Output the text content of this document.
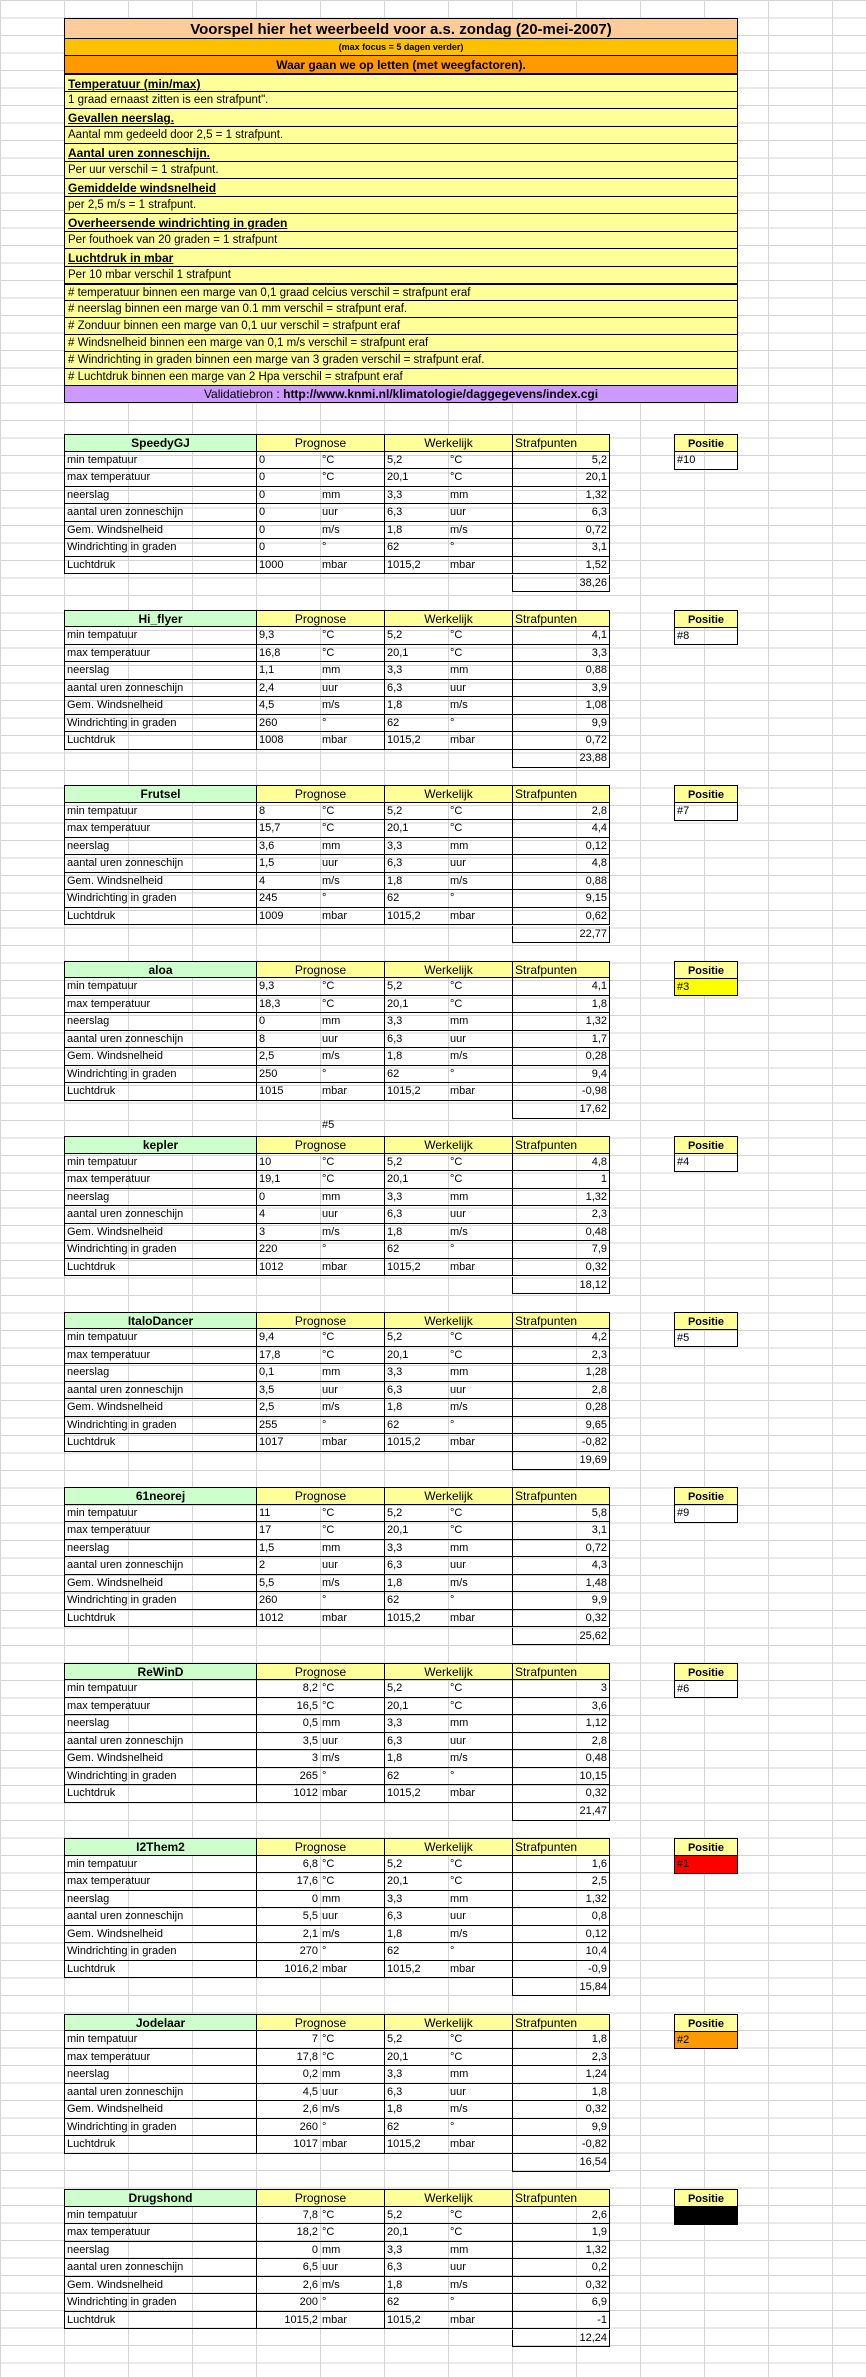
Voorspel hier het weerbeeld voor a.s. zondag (20-mei-2007)
(max focus = 5 dagen verder)
Waar gaan we op letten (met weegfactoren).
Temperatuur (min/max)
1 graad ernaast zitten is een strafpunt".
Gevallen neerslag.
Aantal mm gedeeld door 2,5 = 1 strafpunt.
Aantal uren zonneschijn.
Per uur verschil = 1 strafpunt.
Gemiddelde windsnelheid
per 2,5 m/s = 1 strafpunt.
Overheersende windrichting in graden
Per fouthoek van 20 graden = 1 strafpunt
Luchtdruk in mbar
Per 10 mbar verschil 1 strafpunt
# temperatuur binnen een marge van 0,1 graad celcius verschil = strafpunt eraf
# neerslag binnen een marge van 0.1 mm verschil = strafpunt eraf.
# Zonduur binnen een marge van 0,1 uur verschil = strafpunt eraf
# Windsnelheid binnen een marge van 0,1 m/s verschil = strafpunt eraf
# Windrichting in graden binnen een marge van 3 graden verschil = strafpunt eraf.
# Luchtdruk binnen een marge van 2 Hpa verschil = strafpunt eraf
Validatiebron : http://www.knmi.nl/klimatologie/daggegevens/index.cgi
SpeedyGJ	Prognose	Werkelijk	Strafpunten
min tempatuur	0	°C	5,2	°C	5,2
max temperatuur	0	°C	20,1	°C	20,1
neerslag	0	mm	3,3	mm	1,32
aantal uren zonneschijn	0	uur	6,3	uur	6,3
Gem. Windsnelheid	0	m/s	1,8	m/s	0,72
Windrichting in graden	0	°	62	°	3,1
Luchtdruk	1000	mbar	1015,2	mbar	1,52
38,26
Positie
#10
Hi_flyer	Prognose	Werkelijk	Strafpunten
min tempatuur	9,3	°C	5,2	°C	4,1
max temperatuur	16,8	°C	20,1	°C	3,3
neerslag	1,1	mm	3,3	mm	0,88
aantal uren zonneschijn	2,4	uur	6,3	uur	3,9
Gem. Windsnelheid	4,5	m/s	1,8	m/s	1,08
Windrichting in graden	260	°	62	°	9,9
Luchtdruk	1008	mbar	1015,2	mbar	0,72
23,88
Positie
#8
Frutsel	Prognose	Werkelijk	Strafpunten
min tempatuur	8	°C	5,2	°C	2,8
max temperatuur	15,7	°C	20,1	°C	4,4
neerslag	3,6	mm	3,3	mm	0,12
aantal uren zonneschijn	1,5	uur	6,3	uur	4,8
Gem. Windsnelheid	4	m/s	1,8	m/s	0,88
Windrichting in graden	245	°	62	°	9,15
Luchtdruk	1009	mbar	1015,2	mbar	0,62
22,77
Positie
#7
aloa	Prognose	Werkelijk	Strafpunten
min tempatuur	9,3	°C	5,2	°C	4,1
max temperatuur	18,3	°C	20,1	°C	1,8
neerslag	0	mm	3,3	mm	1,32
aantal uren zonneschijn	8	uur	6,3	uur	1,7
Gem. Windsnelheid	2,5	m/s	1,8	m/s	0,28
Windrichting in graden	250	°	62	°	9,4
Luchtdruk	1015	mbar	1015,2	mbar	-0,98
17,62
Positie
#3
kepler	Prognose	Werkelijk	Strafpunten
min tempatuur	10	°C	5,2	°C	4,8
max temperatuur	19,1	°C	20,1	°C	1
neerslag	0	mm	3,3	mm	1,32
aantal uren zonneschijn	4	uur	6,3	uur	2,3
Gem. Windsnelheid	3	m/s	1,8	m/s	0,48
Windrichting in graden	220	°	62	°	7,9
Luchtdruk	1012	mbar	1015,2	mbar	0,32
18,12
Positie
#4
#5
ItaloDancer	Prognose	Werkelijk	Strafpunten
min tempatuur	9,4	°C	5,2	°C	4,2
max temperatuur	17,8	°C	20,1	°C	2,3
neerslag	0,1	mm	3,3	mm	1,28
aantal uren zonneschijn	3,5	uur	6,3	uur	2,8
Gem. Windsnelheid	2,5	m/s	1,8	m/s	0,28
Windrichting in graden	255	°	62	°	9,65
Luchtdruk	1017	mbar	1015,2	mbar	-0,82
19,69
Positie
#5
61neorej	Prognose	Werkelijk	Strafpunten
min tempatuur	11	°C	5,2	°C	5,8
max temperatuur	17	°C	20,1	°C	3,1
neerslag	1,5	mm	3,3	mm	0,72
aantal uren zonneschijn	2	uur	6,3	uur	4,3
Gem. Windsnelheid	5,5	m/s	1,8	m/s	1,48
Windrichting in graden	260	°	62	°	9,9
Luchtdruk	1012	mbar	1015,2	mbar	0,32
25,62
Positie
#9
ReWinD	Prognose	Werkelijk	Strafpunten
min tempatuur	8,2 °C	5,2	°C	3
max temperatuur	16,5 °C	20,1	°C	3,6
neerslag	0,5 mm	3,3	mm	1,12
aantal uren zonneschijn	3,5 uur	6,3	uur	2,8
Gem. Windsnelheid	3 m/s	1,8	m/s	0,48
Windrichting in graden	265 °	62	°	10,15
Luchtdruk	1012 mbar	1015,2	mbar	0,32
21,47
Positie
#6
I2Them2	Prognose	Werkelijk	Strafpunten
min tempatuur	6,8 °C	5,2	°C	1,6
max temperatuur	17,6 °C	20,1	°C	2,5
neerslag	0 mm	3,3	mm	1,32
aantal uren zonneschijn	5,5 uur	6,3	uur	0,8
Gem. Windsnelheid	2,1 m/s	1,8	m/s	0,12
Windrichting in graden	270 °	62	°	10,4
Luchtdruk	1016,2 mbar	1015,2	mbar	-0,9
15,84
Positie
#1
Jodelaar	Prognose	Werkelijk	Strafpunten
min tempatuur	7 °C	5,2	°C	1,8
max temperatuur	17,8 °C	20,1	°C	2,3
neerslag	0,2 mm	3,3	mm	1,24
aantal uren zonneschijn	4,5 uur	6,3	uur	1,8
Gem. Windsnelheid	2,6 m/s	1,8	m/s	0,32
Windrichting in graden	260 °	62	°	9,9
Luchtdruk	1017 mbar	1015,2	mbar	-0,82
16,54
Positie
#2
Drugshond	Prognose	Werkelijk	Strafpunten
min tempatuur	7,8 °C	5,2	°C	2,6
max temperatuur	18,2 °C	20,1	°C	1,9
neerslag	0 mm	3,3	mm	1,32
aantal uren zonneschijn	6,5 uur	6,3	uur	0,2
Gem. Windsnelheid	2,6 m/s	1,8	m/s	0,32
Windrichting in graden	200 °	62	°	6,9
Luchtdruk	1015,2 mbar	1015,2	mbar	-1
12,24
Positie
